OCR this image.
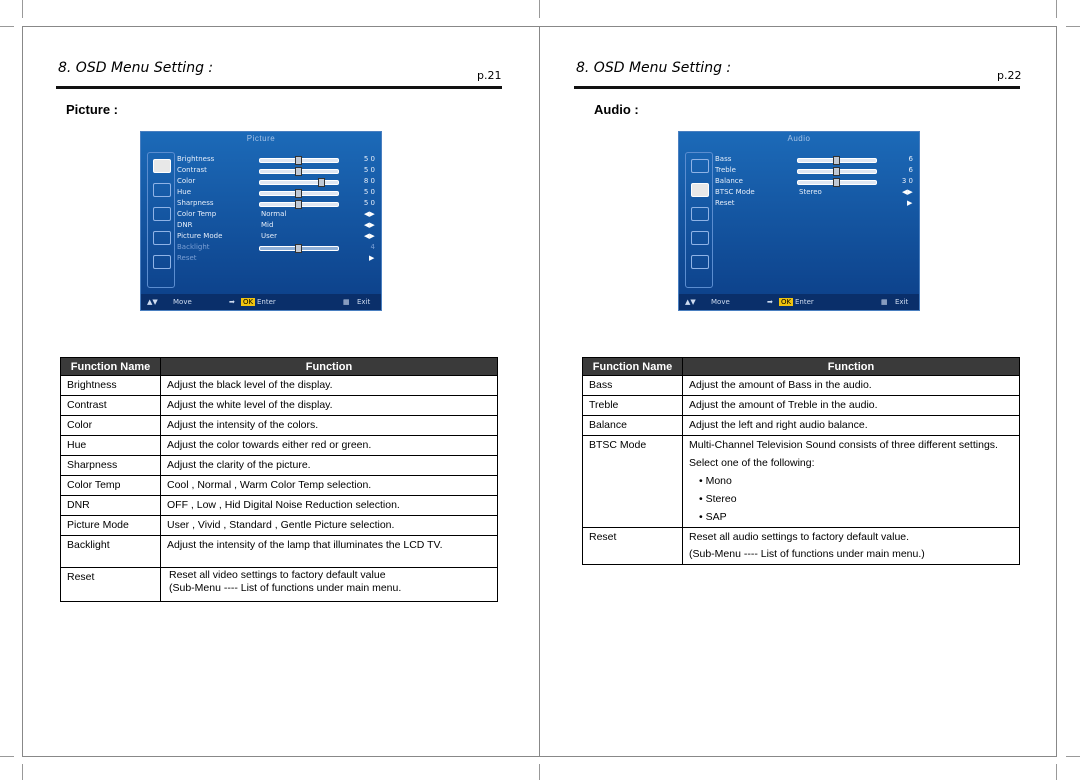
8. OSD Menu Setting :	p.21
Picture :
Picture
Brightness	5 0
Contrast	5 0
Color	8 0
Hue	5 0
Sharpness	5 0
Color Temp	Normal	◀▶
DNR	Mid	◀▶
Picture Mode	User	◀▶
Backlight	4
Reset	▶
▲▼ Move	➡ OK Enter	▦ Exit
Function Name	Function
Brightness	Adjust the black level of the display.
Contrast	Adjust the white level of the display.
Color	Adjust the intensity of the colors.
Hue	Adjust the color towards either red or green.
Sharpness	Adjust the clarity of the picture.
Color Temp	Cool , Normal , Warm Color Temp selection.
DNR	OFF , Low , Hid Digital Noise Reduction selection.
Picture Mode	User , Vivid , Standard , Gentle Picture selection.
Backlight	Adjust the intensity of the lamp that illuminates the LCD TV.
Reset	Reset all video settings to factory default value
(Sub-Menu ---- List of functions under main menu.
8. OSD Menu Setting :	p.22
Audio :
Audio
Bass	6
Treble	6
Balance	3 0
BTSC Mode	Stereo	◀▶
Reset	▶
▲▼ Move	➡ OK Enter	▦ Exit
Function Name	Function
Bass	Adjust the amount of Bass in the audio.
Treble	Adjust the amount of Treble in the audio.
Balance	Adjust the left and right audio balance.
BTSC Mode	Multi-Channel Television Sound consists of three different settings.
Select one of the following:
• Mono
• Stereo
• SAP

Reset	Reset all audio settings to factory default value.
(Sub-Menu ---- List of functions under main menu.)
